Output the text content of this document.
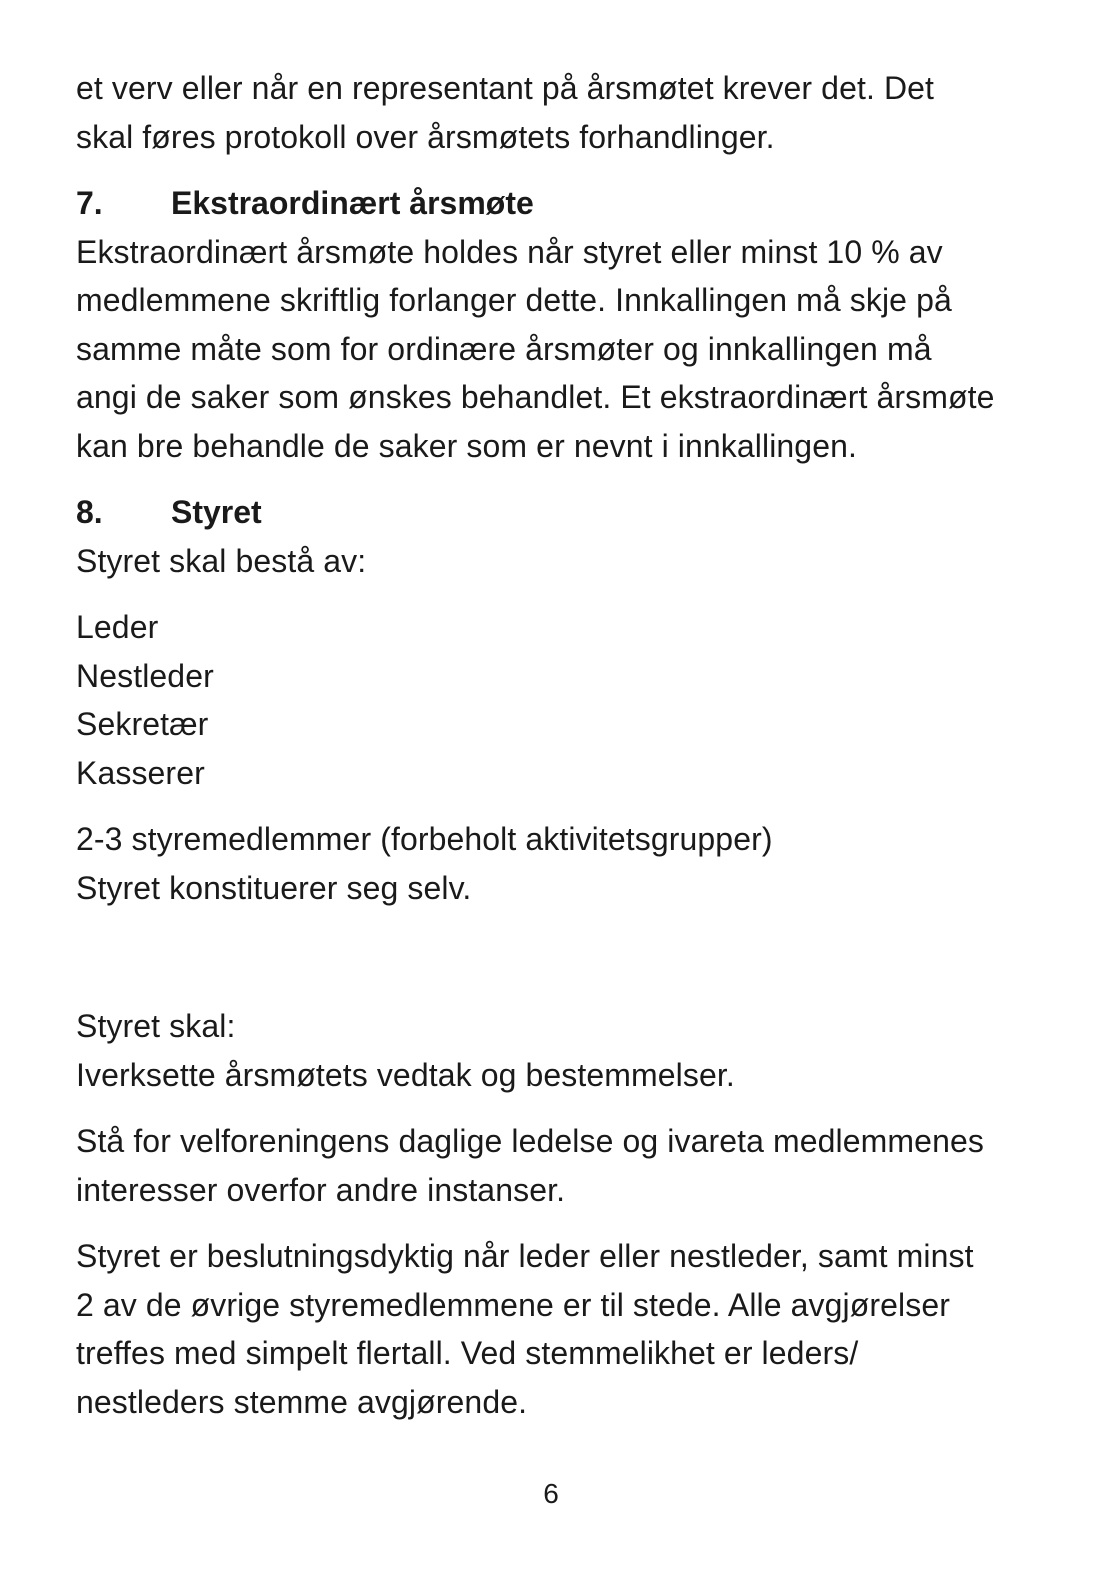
et verv eller når en representant på årsmøtet krever det. Det
skal føres protokoll over årsmøtets forhandlinger.
7. Ekstraordinært årsmøte
Ekstraordinært årsmøte holdes når styret eller minst 10 % av
medlemmene skriftlig forlanger dette. Innkallingen må skje på
samme måte som for ordinære årsmøter og innkallingen må
angi de saker som ønskes behandlet. Et ekstraordinært årsmøte
kan bre behandle de saker som er nevnt i innkallingen.
8. Styret
Styret skal bestå av:
Leder
Nestleder
Sekretær
Kasserer
2-3 styremedlemmer (forbeholt aktivitetsgrupper)
Styret konstituerer seg selv.
Styret skal:
Iverksette årsmøtets vedtak og bestemmelser.
Stå for velforeningens daglige ledelse og ivareta medlemmenes
interesser overfor andre instanser.
Styret er beslutningsdyktig når leder eller nestleder, samt minst
2 av de øvrige styremedlemmene er til stede. Alle avgjørelser
treffes med simpelt flertall. Ved stemmelikhet er leders/
nestleders stemme avgjørende.
6
